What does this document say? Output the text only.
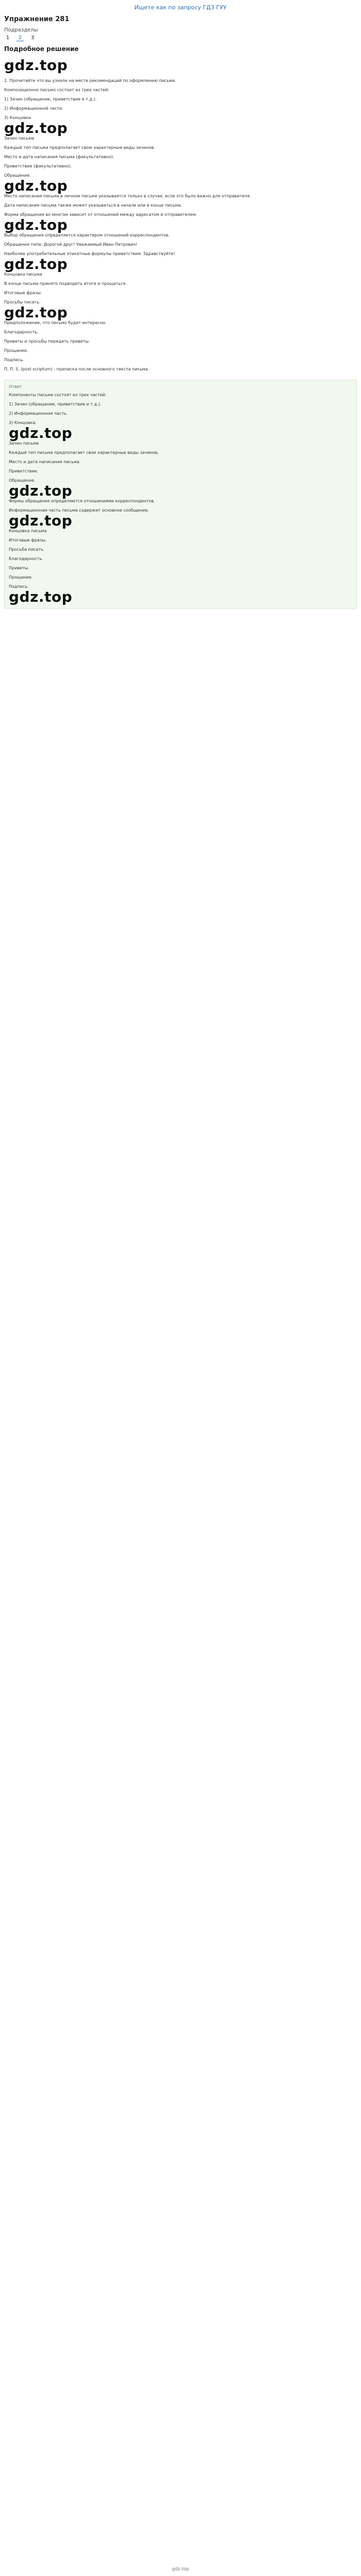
Ищете как по запросу ГДЗ ГУУ
Упражнение 281
Подразделы
1	2	3
Подробное решение
gdz.top

2. Прочитайте что вы узнали на месте рекомендаций по оформлению письма.

Композиционно письмо состоит из трех частей:

1) Зачин (обращение, приветствие и т.д.).

2) Информационной части.

3) Концовки.

gdz.top

Зачин письма

Каждый тип письма предполагает свою характерные виды зачинов.

Место и дата написания письма (факультативно).

Приветствие (факультативно).

Обращение.

gdz.top

Место написания письма в личном письме указывается только в случае, если это было важно для отправителя.

Дата написания письма также может указываться в начале или в конце письма.

Форма обращения во многом зависит от отношений между адресатом и отправителем.

gdz.top

Выбор обращения определяется характером отношений корреспондентов.

Обращения типа: Дорогой друг! Уважаемый Иван Петрович!

Наиболее употребительные этикетные формулы приветствия: Здравствуйте!

gdz.top

Концовка письма

В конце письма принято подводить итоги и прощаться.

Итоговые фразы.

Просьбы писать.

gdz.top

Предположение, что письмо будет интересно.

Благодарность.

Приветы и просьбы передать приветы.

Прощание.

Подпись.

П. П. S. (post scriptum) - приписка после основного текста письма.

Ответ

Компоненты письма состоят из трех частей:

1) Зачин (обращение, приветствие и т.д.).

2) Информационная часть.

3) Концовка.

gdz.top

Зачин письма

Каждый тип письма предполагает свои характерные виды зачинов.

Место и дата написания письма.

Приветствие.

Обращение.

gdz.top

Формы обращения определяются отношениями корреспондентов.

Информационная часть письма содержит основное сообщение.

gdz.top

Концовка письма

Итоговые фразы.

Просьба писать.

Благодарность.

Приветы.

Прощание.

Подпись.

gdz.top
gdz.top
